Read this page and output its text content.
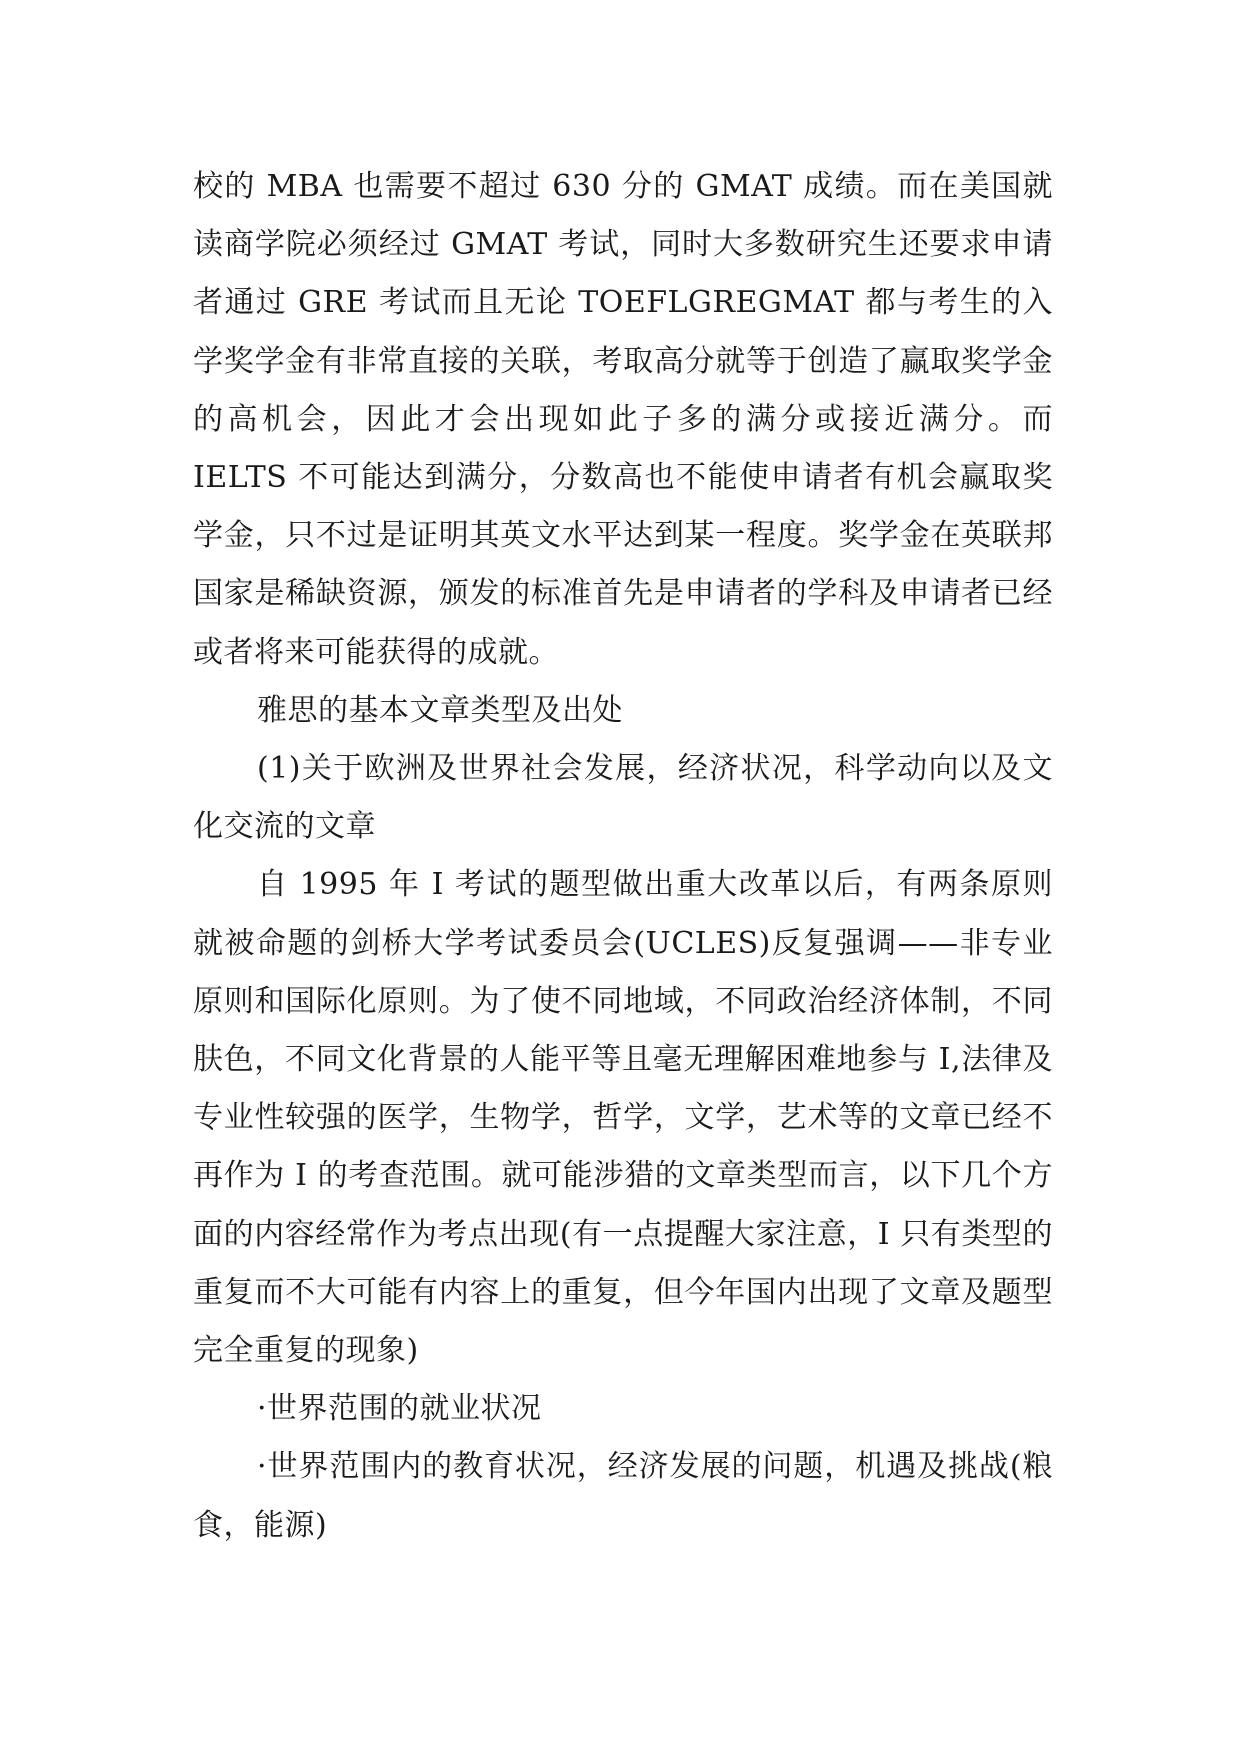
校的 MBA 也需要不超过 630 分的 GMAT 成绩。而在美国就读商学院必须经过 GMAT 考试，同时大多数研究生还要求申请者通过 GRE 考试而且无论 TOEFLGREGMAT 都与考生的入学奖学金有非常直接的关联，考取高分就等于创造了赢取奖学金的高机会，因此才会出现如此子多的满分或接近满分。而 IELTS 不可能达到满分，分数高也不能使申请者有机会赢取奖学金，只不过是证明其英文水平达到某一程度。奖学金在英联邦国家是稀缺资源，颁发的标准首先是申请者的学科及申请者已经或者将来可能获得的成就。

雅思的基本文章类型及出处

(1)关于欧洲及世界社会发展，经济状况，科学动向以及文化交流的文章

自 1995 年 I 考试的题型做出重大改革以后，有两条原则就被命题的剑桥大学考试委员会(UCLES)反复强调——非专业原则和国际化原则。为了使不同地域，不同政治经济体制，不同肤色，不同文化背景的人能平等且毫无理解困难地参与 I,法律及专业性较强的医学，生物学，哲学，文学，艺术等的文章已经不再作为 I 的考查范围。就可能涉猎的文章类型而言，以下几个方面的内容经常作为考点出现(有一点提醒大家注意，I 只有类型的重复而不大可能有内容上的重复，但今年国内出现了文章及题型完全重复的现象)

·世界范围的就业状况

·世界范围内的教育状况，经济发展的问题，机遇及挑战(粮食，能源)
